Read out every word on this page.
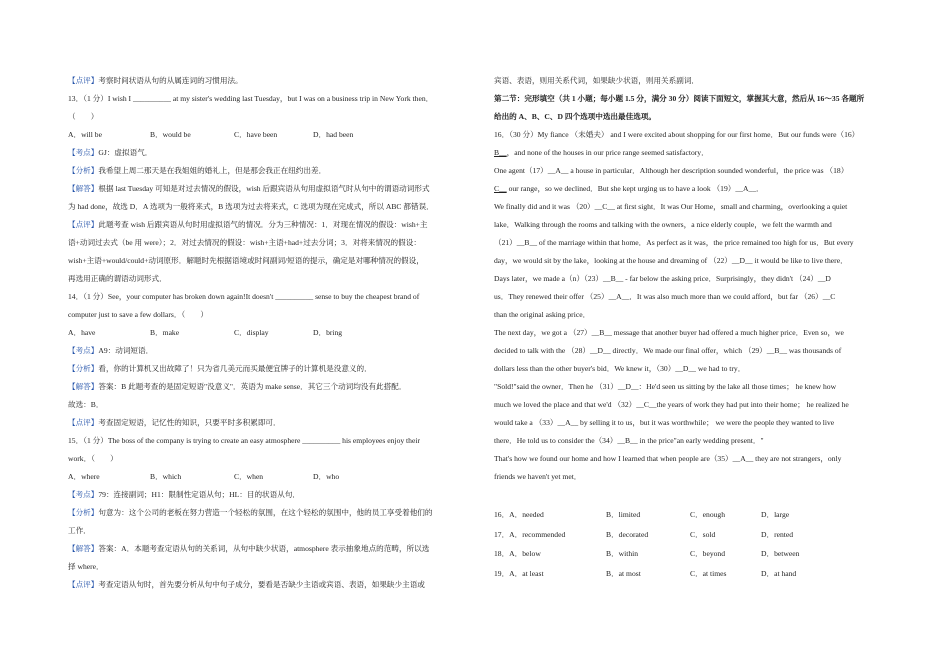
【点评】考察时间状语从句的从属连词的习惯用法。
13．（1 分）I wish I __________ at my sister's wedding last Tuesday，but I was on a business trip in New York then．
（　　）
A．will be	B．would be	C．have been	D．had been
【考点】GJ：虚拟语气．
【分析】我希望上周二那天是在我姐姐的婚礼上，但是那会我正在纽约出差．
【解答】根据 last Tuesday 可知是对过去情况的假设，wish 后跟宾语从句用虚拟语气时从句中的谓语动词形式
为 had done，故选 D．A 选项为一般将来式，B 选项为过去将来式，C 选项为现在完成式，所以 ABC 都错误．
【点评】此题考查 wish 后跟宾语从句时用虚拟语气的情况．分为三种情况：1．对现在情况的假设：wish+主
语+动词过去式（be 用 were）；2．对过去情况的假设：wish+主语+had+过去分词；3．对将来情况的假设：
wish+主语+would/could+动词原形．解题时先根据语境或时间副词/短语的提示，确定是对哪种情况的假设，
再选用正确的谓语动词形式．
14．（1 分）See，your computer has broken down again!It doesn't __________ sense to buy the cheapest brand of
computer just to save a few dollars．（　　）
A．have	B．make	C．display	D．bring
【考点】A9：动词短语．
【分析】看，你的计算机又出故障了！只为省几美元而买最便宜牌子的计算机是没意义的．
【解答】答案：B 此题考查的是固定短语"没意义"．英语为 make sense．其它三个动词均没有此搭配．
故选：B．
【点评】考查固定短语，记忆性的知识，只要平时多积累即可．
15．（1 分）The boss of the company is trying to create an easy atmosphere __________ his employees enjoy their
work．（　　）
A．where	B．which	C．when	D．who
【考点】79：连接副词；H1：限制性定语从句；HL：目的状语从句．
【分析】句意为：这个公司的老板在努力营造一个轻松的氛围，在这个轻松的氛围中，他的员工享受着他们的
工作．
【解答】答案：A．本题考查定语从句的关系词，从句中缺少状语，atmosphere 表示抽象地点的范畴，所以选
择 where．
【点评】考查定语从句时，首先要分析从句中句子成分，要看是否缺少主语或宾语、表语，如果缺少主语或
宾语、表语，则用关系代词，如果缺少状语，则用关系副词．
第二节：完形填空（共 1 小题；每小题 1.5 分，满分 30 分）阅读下面短文，掌握其大意，然后从 16～35 各题所
给出的 A、B、C、D 四个选项中选出最佳选项。
16．（30 分）My fiance （未婚夫） and I were excited about shopping for our first home．But our funds were（16）
B__，and none of the houses in our price range seemed satisfactory．
One agent（17）__A__ a house in particular．Although her description sounded wonderful，the price was （18）
C__ our range，so we declined．But she kept urging us to have a look （19）__A__．
We finally did and it was （20）__C__ at first sight．It was Our Home，small and charming，overlooking a quiet
lake．Walking through the rooms and talking with the owners，a nice elderly couple，we felt the warmth and
（21）__B__ of the marriage within that home．As perfect as it was，the price remained too high for us．But every
day，we would sit by the lake，looking at the house and dreaming of （22）__D__ it would be like to live there．
Days later，we made a（n）（23）__B__ - far below the asking price．Surprisingly，they didn't （24）__D
us．They renewed their offer （25）__A__．It was also much more than we could afford，but far （26）__C
than the original asking price．
The next day，we got a （27）__B__ message that another buyer had offered a much higher price．Even so，we
decided to talk with the （28）__D__ directly．We made our final offer，which （29）__B__ was thousands of
dollars less than the other buyer's bid．We knew it，（30）__D__ we had to try．
"Sold!"said the owner．Then he （31）__D__：He'd seen us sitting by the lake all those times； he knew how
much we loved the place and that we'd （32）__C__the years of work they had put into their home； he realized he
would take a （33）__A__ by selling it to us，but it was worthwhile； we were the people they wanted to live
there．He told us to consider the（34）__B__ in the price"an early wedding present．"
That's how we found our home and how I learned that when people are（35）__A__ they are not strangers，only
friends we haven't yet met．
16．A．needed	B．limited	C．enough	D．large
17．A．recommended	B．decorated	C．sold	D．rented
18．A．below	B．within	C．beyond	D．between
19．A．at least	B．at most	C．at times	D．at hand
